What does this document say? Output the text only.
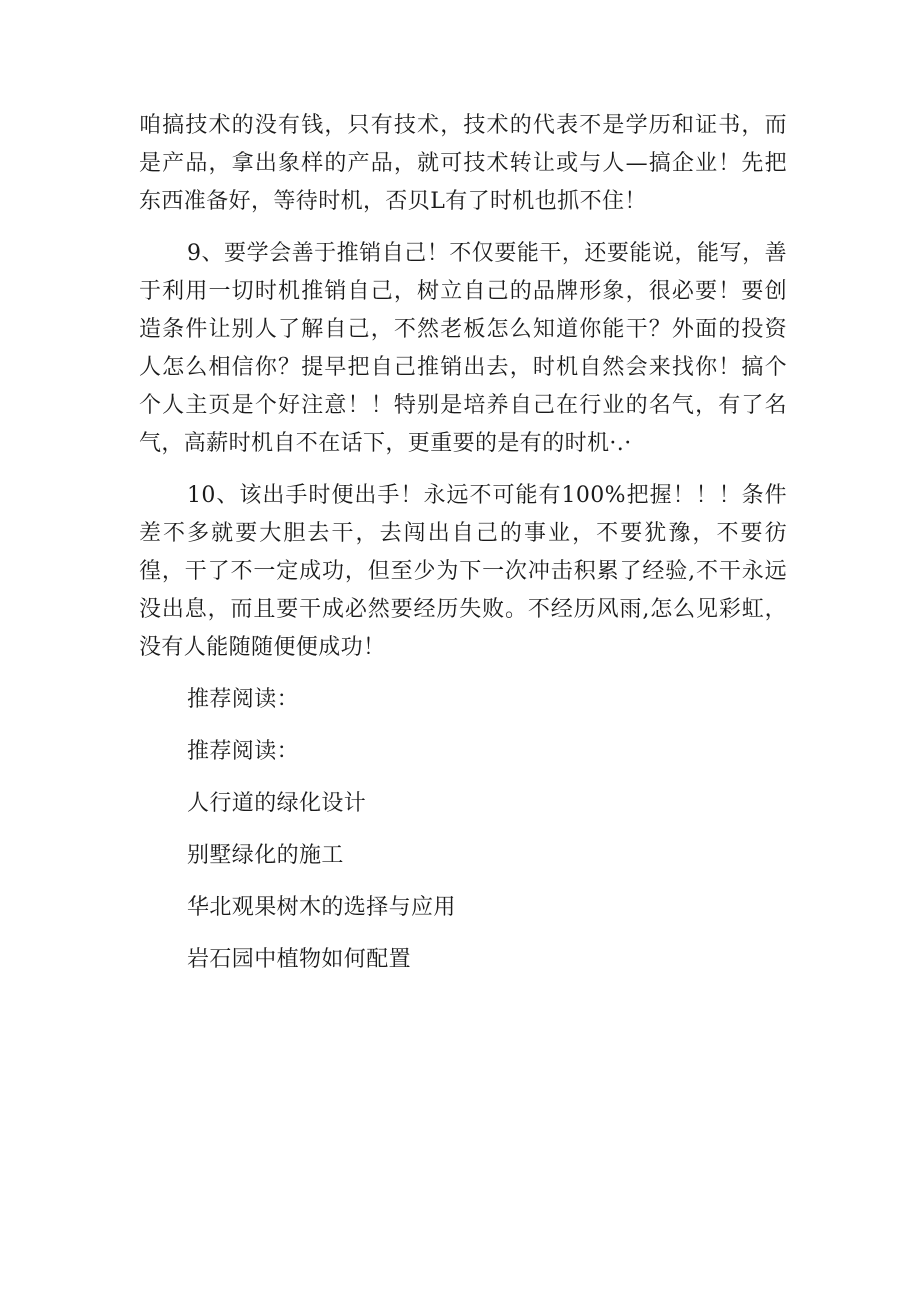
咱搞技术的没有钱，只有技术，技术的代表不是学历和证书，而是产品，拿出象样的产品，就可技术转让或与人—搞企业！先把东西准备好，等待时机，否贝L有了时机也抓不住！

9、要学会善于推销自己！不仅要能干，还要能说，能写，善于利用一切时机推销自己，树立自己的品牌形象，很必要！要创造条件让别人了解自己，不然老板怎么知道你能干？外面的投资人怎么相信你？提早把自己推销出去，时机自然会来找你！搞个个人主页是个好注意！！特别是培养自己在行业的名气，有了名气，高薪时机自不在话下，更重要的是有的时机·.·

10、该出手时便出手！永远不可能有100%把握！！！条件差不多就要大胆去干，去闯出自己的事业，不要犹豫，不要彷徨，干了不一定成功，但至少为下一次冲击积累了经验,不干永远没出息，而且要干成必然要经历失败。不经历风雨,怎么见彩虹，没有人能随随便便成功！

推荐阅读：
推荐阅读：
人行道的绿化设计
别墅绿化的施工
华北观果树木的选择与应用
岩石园中植物如何配置
